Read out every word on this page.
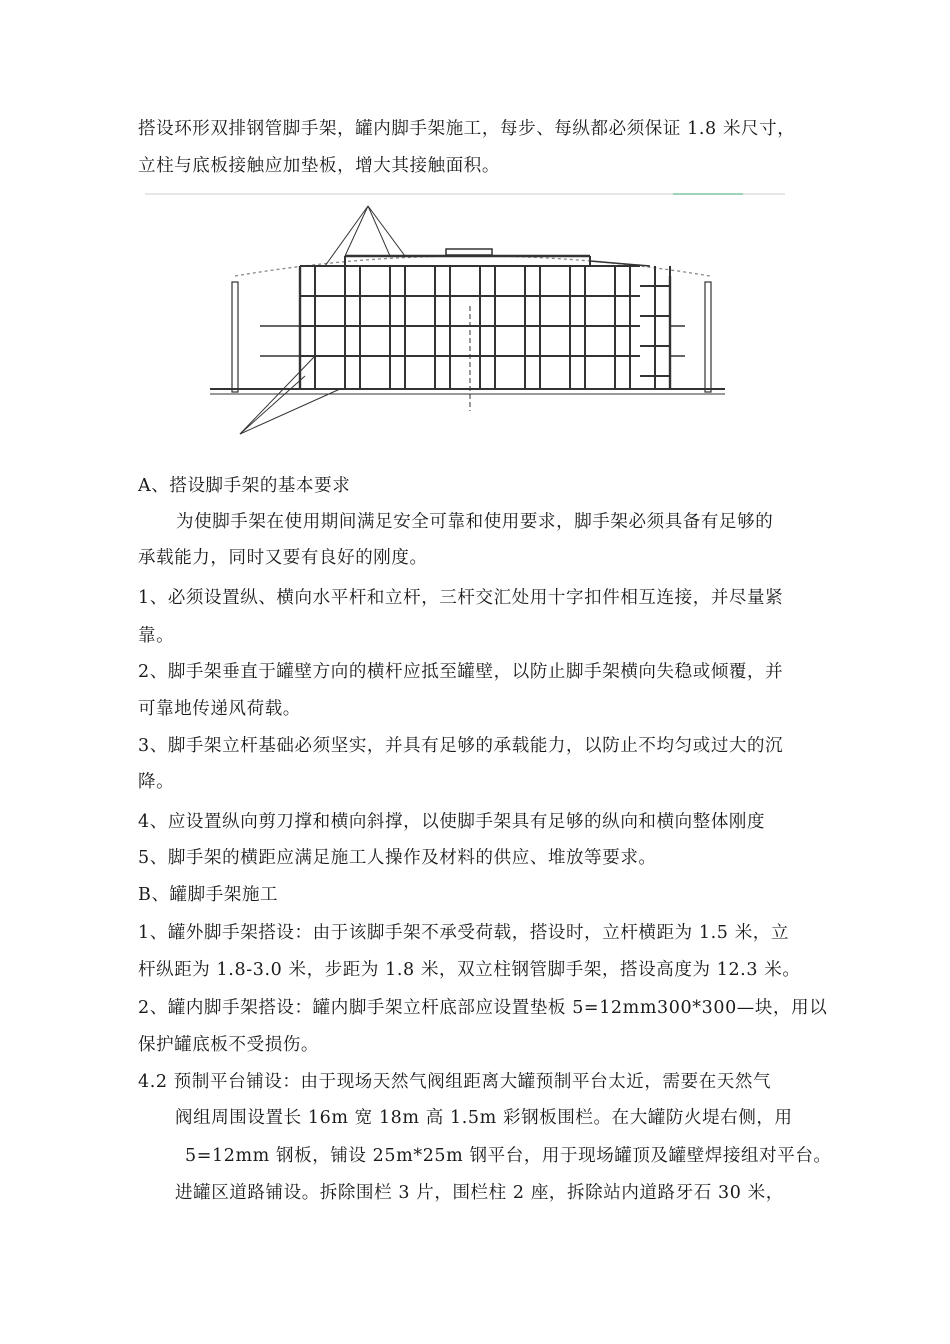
搭设环形双排钢管脚手架，罐内脚手架施工，每步、每纵都必须保证 1.8 米尺寸，
立柱与底板接触应加垫板，增大其接触面积。
A、搭设脚手架的基本要求
为使脚手架在使用期间满足安全可靠和使用要求，脚手架必须具备有足够的
承载能力，同时又要有良好的刚度。
1、必须设置纵、横向水平杆和立杆，三杆交汇处用十字扣件相互连接，并尽量紧
靠。
2、脚手架垂直于罐壁方向的横杆应抵至罐壁，以防止脚手架横向失稳或倾覆，并
可靠地传递风荷载。
3、脚手架立杆基础必须坚实，并具有足够的承载能力，以防止不均匀或过大的沉
降。
4、应设置纵向剪刀撑和横向斜撑，以使脚手架具有足够的纵向和横向整体刚度
5、脚手架的横距应满足施工人操作及材料的供应、堆放等要求。
B、罐脚手架施工
1、罐外脚手架搭设：由于该脚手架不承受荷载，搭设时，立杆横距为 1.5 米，立
杆纵距为 1.8-3.0 米，步距为 1.8 米，双立柱钢管脚手架，搭设高度为 12.3 米。
2、罐内脚手架搭设：罐内脚手架立杆底部应设置垫板 5=12mm300*300—块，用以
保护罐底板不受损伤。
4.2 预制平台铺设：由于现场天然气阀组距离大罐预制平台太近，需要在天然气
阀组周围设置长 16m 宽 18m 高 1.5m 彩钢板围栏。在大罐防火堤右侧，用
5=12mm 钢板，铺设 25m*25m 钢平台，用于现场罐顶及罐壁焊接组对平台。
进罐区道路铺设。拆除围栏 3 片，围栏柱 2 座，拆除站内道路牙石 30 米，
